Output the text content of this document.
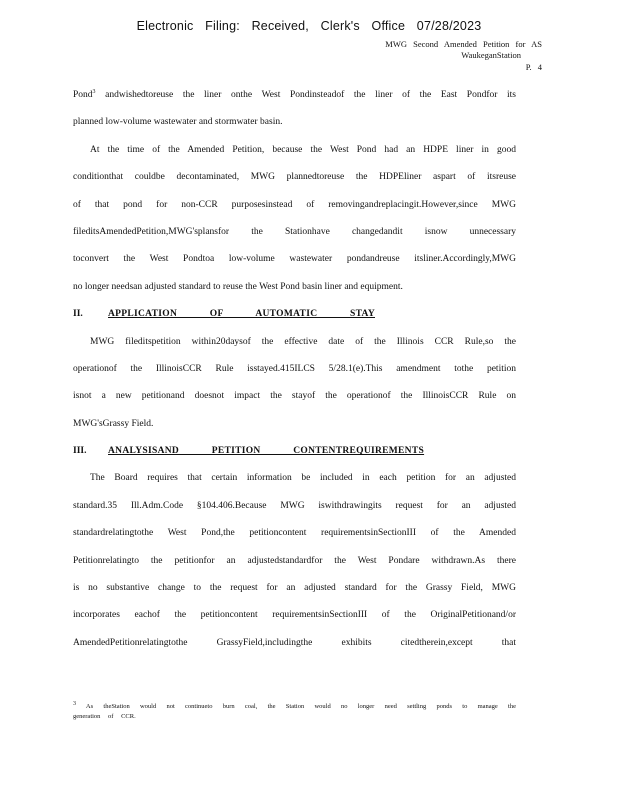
Electronic Filing: Received, Clerk's Office 07/28/2023
MWG Second Amended Petition for AS
WaukeganStation
P. 4
Pond$^3$ andwishedtoreuse the liner onthe West Pondinsteadof the liner of the East Pondfor its
planned low-volume wastewater and stormwater basin.
At the time of the Amended Petition, because the West Pond had an HDPE liner in good
conditionthat couldbe decontaminated, MWG plannedtoreuse the HDPEliner aspart of itsreuse
of that pond for non-CCR purposesinstead of removingandreplacingit.However,since MWG
fileditsAmendedPetition,MWG'splansfor the Stationhave changedandit isnow unnecessary
toconvert the West Pondtoa low-volume wastewater pondandreuse itsliner.Accordingly,MWG
no longer needsan adjusted standard to reuse the West Pond basin liner and equipment.
II.	APPLICATION OF AUTOMATIC STAY
MWG fileditspetition within20daysof the effective date of the Illinois CCR Rule,so the
operationof the IllinoisCCR Rule isstayed.415ILCS 5/28.1(e).This amendment tothe petition
isnot a new petitionand doesnot impact the stayof the operationof the IllinoisCCR Rule on
MWG'sGrassy Field.
III. ANALYSISAND PETITION CONTENTREQUIREMENTS
The Board requires that certain information be included in each petition for an adjusted
standard.35 Ill.Adm.Code §104.406.Because MWG iswithdrawingits request for an adjusted
standardrelatingtothe West Pond,the petitioncontent requirementsinSectionIII of the Amended
Petitionrelatingto the petitionfor an adjustedstandardfor the West Pondare withdrawn.As there
is no substantive change to the request for an adjusted standard for the Grassy Field, MWG
incorporates eachof the petitioncontent requirementsinSectionIII of the OriginalPetitionand/or
AmendedPetitionrelatingtothe GrassyField,includingthe exhibits citedtherein,except that
3 As theStation would not continueto burn coal, the Station would no longer need settling ponds to manage the
generation of CCR.
